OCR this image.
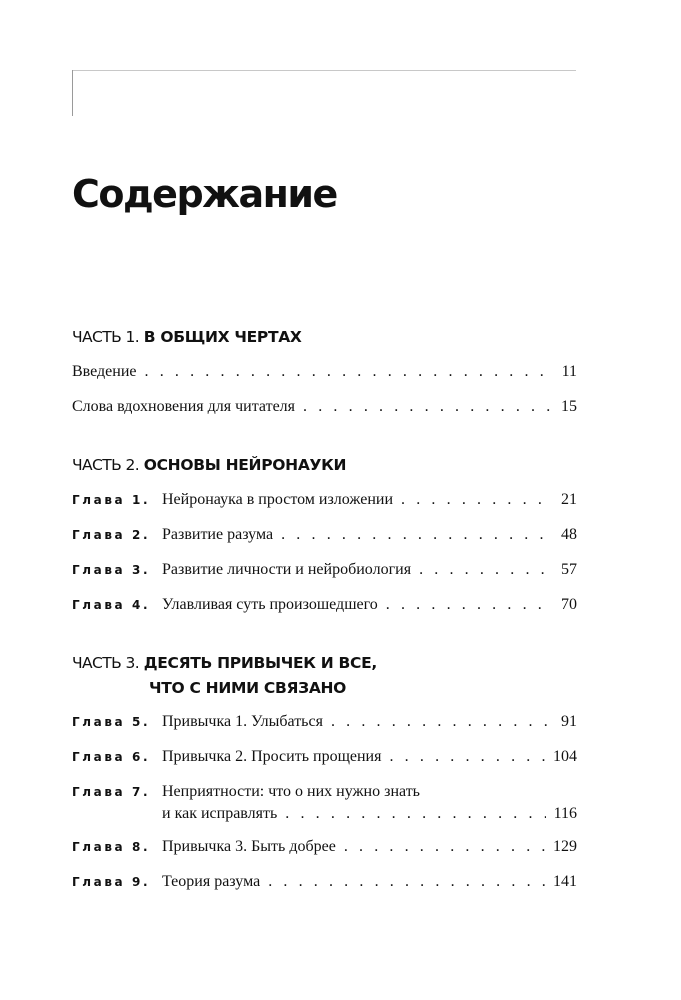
Содержание
ЧАСТЬ 1. В ОБЩИХ ЧЕРТАХ
Введение . . .	11
Слова вдохновения для читателя . . .	15
ЧАСТЬ 2. ОСНОВЫ НЕЙРОНАУКИ
Глава 1. Нейронаука в простом изложении . . .	21
Глава 2. Развитие разума . . .	48
Глава 3. Развитие личности и нейробиология . . .	57
Глава 4. Улавливая суть произошедшего . . .	70
ЧАСТЬ 3. ДЕСЯТЬ ПРИВЫЧЕК И ВСЕ,
ЧТО С НИМИ СВЯЗАНО
Глава 5. Привычка 1. Улыбаться . . .	91
Глава 6. Привычка 2. Просить прощения . . .	104
Глава 7. Неприятности: что о них нужно знать
и как исправлять . . .	116
Глава 8. Привычка 3. Быть добрее . . .	129
Глава 9. Теория разума . . .	141
